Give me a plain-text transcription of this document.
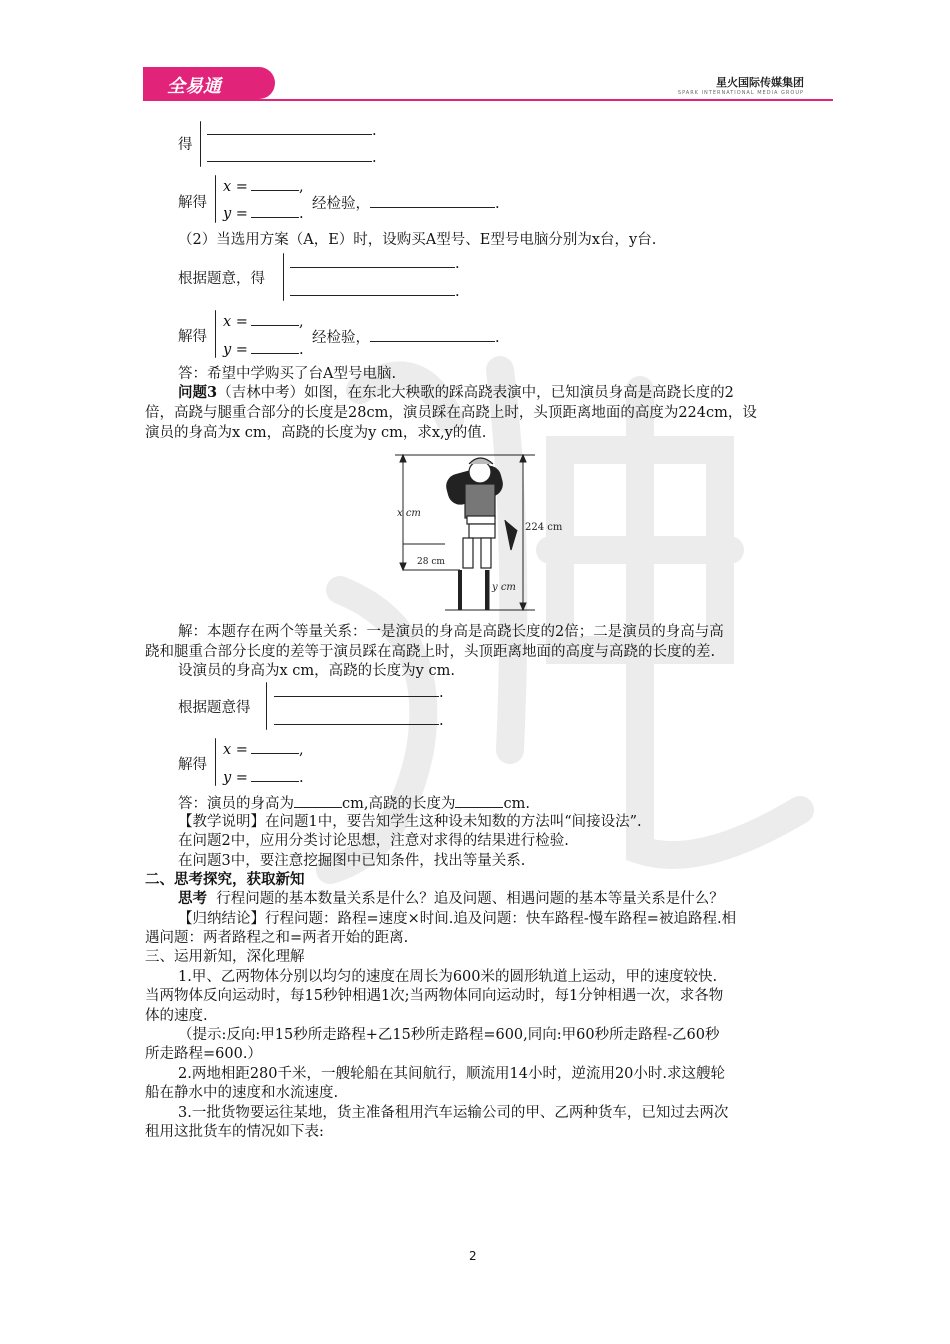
全易通	星火国际传媒集团
SPARK INTERNATIONAL MEDIA GROUP
得
.
.
解得
x =	,
y =	.
经检验，	.
（2）当选用方案（A，E）时，设购买A型号、E型号电脑分别为x台，y台.
根据题意，得
.
.
解得
x =	,
y =	.
经检验，	.
答：希望中学购买了台A型号电脑.
问题3（吉林中考）如图，在东北大秧歌的踩高跷表演中，已知演员身高是高跷长度的2
倍，高跷与腿重合部分的长度是28cm，演员踩在高跷上时，头顶距离地面的高度为224cm，设
演员的身高为x cm，高跷的长度为y cm，求x,y的值.
x cm
224 cm
28 cm
y cm
解：本题存在两个等量关系：一是演员的身高是高跷长度的2倍；二是演员的身高与高
跷和腿重合部分长度的差等于演员踩在高跷上时，头顶距离地面的高度与高跷的长度的差.
设演员的身高为x cm，高跷的长度为y cm.
根据题意得
.
.
解得
x =	,
y =	.
答：演员的身高为	cm,高跷的长度为	cm.
【教学说明】在问题1中，要告知学生这种设未知数的方法叫“间接设法”.
在问题2中，应用分类讨论思想，注意对求得的结果进行检验.
在问题3中，要注意挖掘图中已知条件，找出等量关系.
二、思考探究，获取新知
思考 行程问题的基本数量关系是什么？追及问题、相遇问题的基本等量关系是什么？
【归纳结论】行程问题：路程=速度×时间.追及问题：快车路程-慢车路程=被追路程.相
遇问题：两者路程之和=两者开始的距离.
三、运用新知，深化理解
1.甲、乙两物体分别以均匀的速度在周长为600米的圆形轨道上运动，甲的速度较快.
当两物体反向运动时，每15秒钟相遇1次;当两物体同向运动时，每1分钟相遇一次，求各物
体的速度.
（提示:反向:甲15秒所走路程+乙15秒所走路程=600,同向:甲60秒所走路程-乙60秒
所走路程=600.）
2.两地相距280千米，一艘轮船在其间航行，顺流用14小时，逆流用20小时.求这艘轮
船在静水中的速度和水流速度.
3.一批货物要运往某地，货主准备租用汽车运输公司的甲、乙两种货车，已知过去两次
租用这批货车的情况如下表:
2
